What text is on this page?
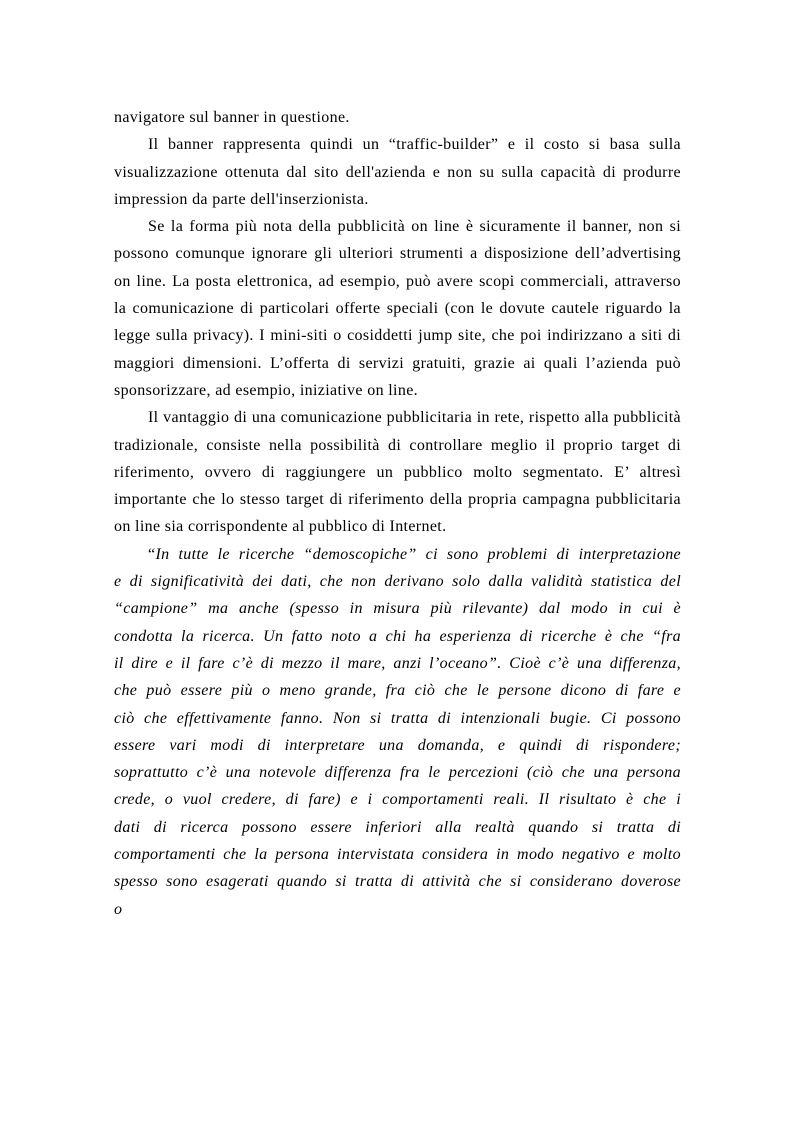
navigatore sul banner in questione.

Il banner rappresenta quindi un “traffic-builder” e il costo si basa sulla visualizzazione ottenuta dal sito dell'azienda e non su sulla capacità di produrre impression da parte dell'inserzionista.

Se la forma più nota della pubblicità on line è sicuramente il banner, non si possono comunque ignorare gli ulteriori strumenti a disposizione dell’advertising on line. La posta elettronica, ad esempio, può avere scopi commerciali, attraverso la comunicazione di particolari offerte speciali (con le dovute cautele riguardo la legge sulla privacy). I mini-siti o cosiddetti jump site, che poi indirizzano a siti di maggiori dimensioni. L’offerta di servizi gratuiti, grazie ai quali l’azienda può sponsorizzare, ad esempio, iniziative on line.

Il vantaggio di una comunicazione pubblicitaria in rete, rispetto alla pubblicità tradizionale, consiste nella possibilità di controllare meglio il proprio target di riferimento, ovvero di raggiungere un pubblico molto segmentato. E’ altresì importante che lo stesso target di riferimento della propria campagna pubblicitaria on line sia corrispondente al pubblico di Internet.

“In tutte le ricerche “demoscopiche” ci sono problemi di interpretazione e di significatività dei dati, che non derivano solo dalla validità statistica del “campione” ma anche (spesso in misura più rilevante) dal modo in cui è condotta la ricerca. Un fatto noto a chi ha esperienza di ricerche è che “fra il dire e il fare c’è di mezzo il mare, anzi l’oceano”. Cioè c’è una differenza, che può essere più o meno grande, fra ciò che le persone dicono di fare e ciò che effettivamente fanno. Non si tratta di intenzionali bugie. Ci possono essere vari modi di interpretare una domanda, e quindi di rispondere; soprattutto c’è una notevole differenza fra le percezioni (ciò che una persona crede, o vuol credere, di fare) e i comportamenti reali. Il risultato è che i dati di ricerca possono essere inferiori alla realtà quando si tratta di comportamenti che la persona intervistata considera in modo negativo e molto spesso sono esagerati quando si tratta di attività che si considerano doverose o
